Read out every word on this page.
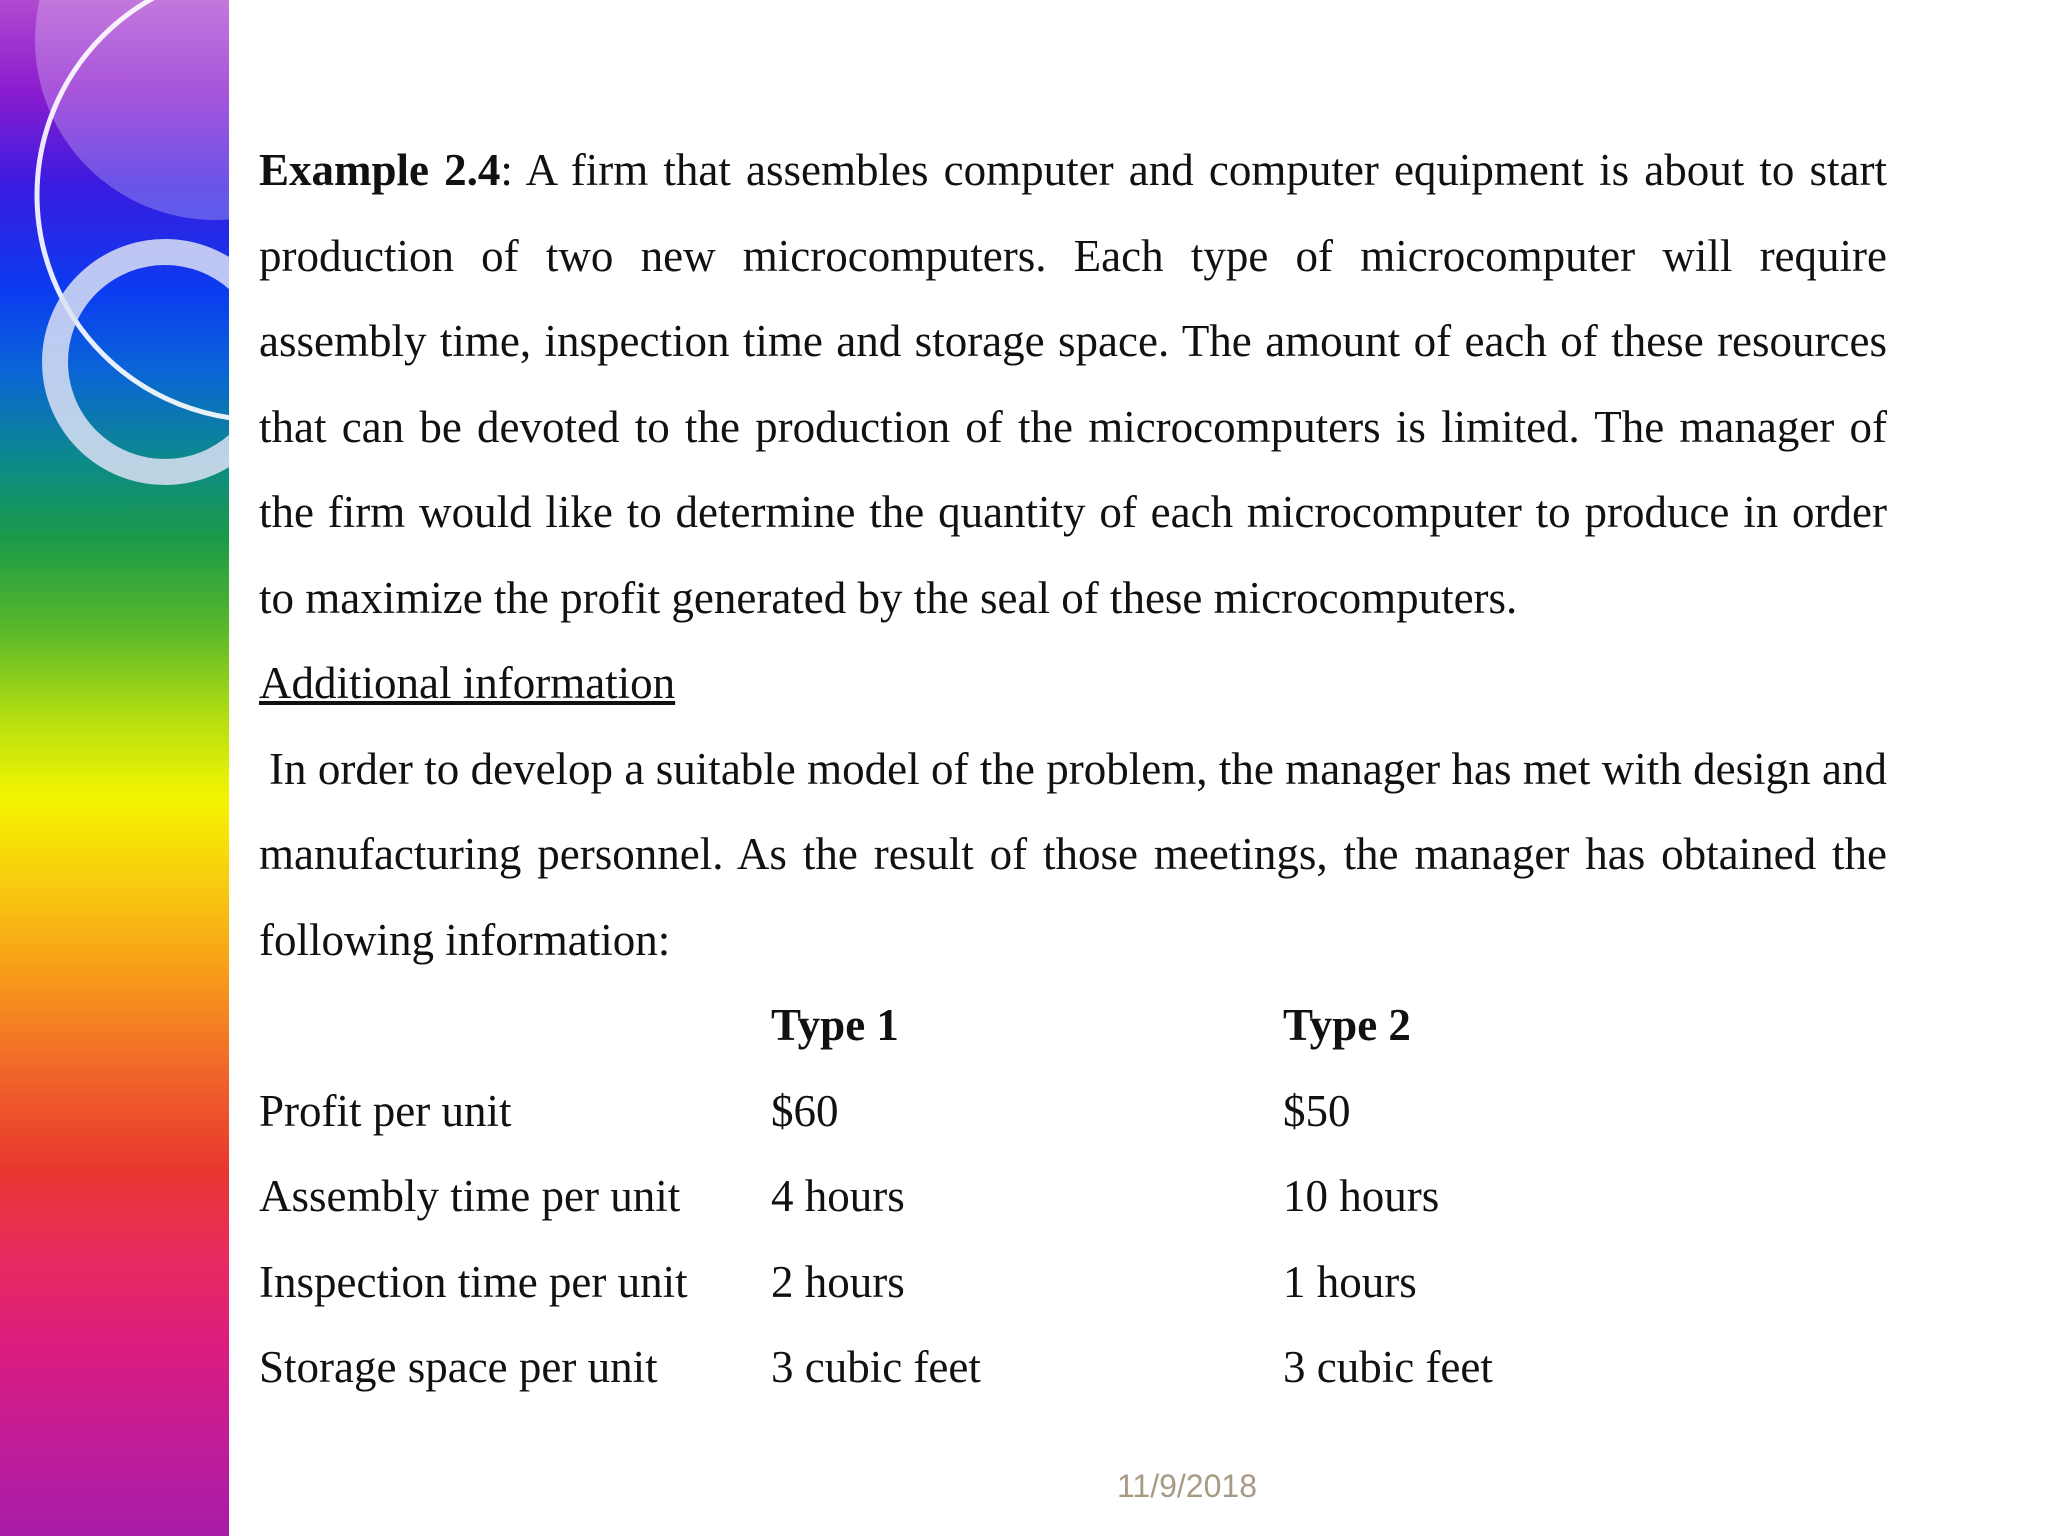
Example 2.4: A firm that assembles computer and computer equipment is about to start production of two new microcomputers. Each type of microcomputer will require assembly time, inspection time and storage space. The amount of each of these resources that can be devoted to the production of the microcomputers is limited. The manager of the firm would like to determine the quantity of each microcomputer to produce in order to maximize the profit generated by the seal of these microcomputers.

Additional information

In order to develop a suitable model of the problem, the manager has met with design and manufacturing personnel. As the result of those meetings, the manager has obtained the following information:

	Type 1	Type 2
Profit per unit	$60	$50
Assembly time per unit	4 hours	10 hours
Inspection time per unit	2 hours	1 hours
Storage space per unit	3 cubic feet	3 cubic feet
11/9/2018
